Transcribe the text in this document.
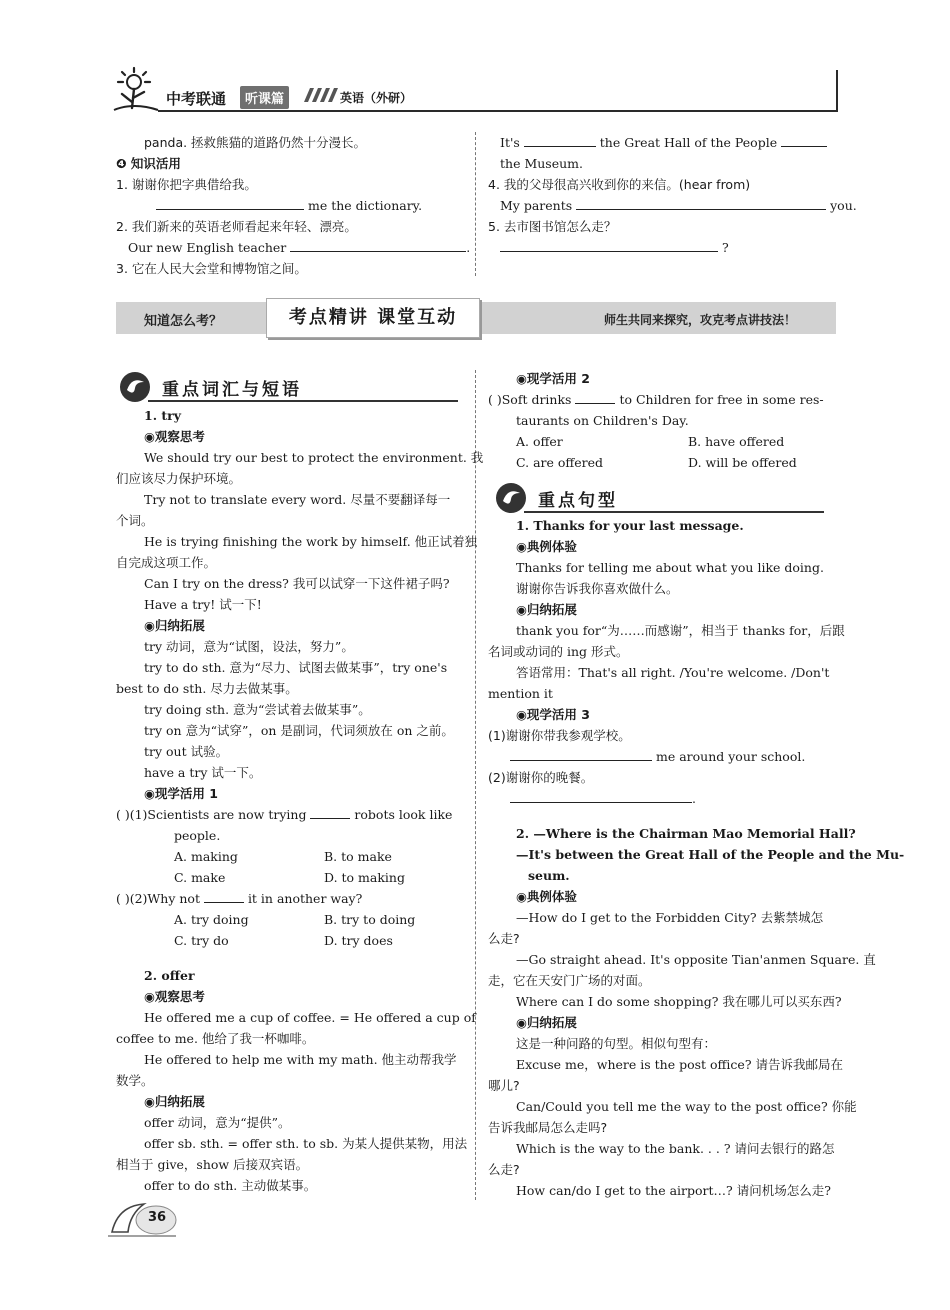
中考联通	听课篇	英语（外研）
panda. 拯救熊猫的道路仍然十分漫长。
❹ 知识活用
1. 谢谢你把字典借给我。
me the dictionary.
2. 我们新来的英语老师看起来年轻、漂亮。
Our new English teacher	.
3. 它在人民大会堂和博物馆之间。
It's	the Great Hall of the People
the Museum.
4. 我的父母很高兴收到你的来信。(hear from)
My parents	you.
5. 去市图书馆怎么走？
?
知道怎么考？	考点精讲 课堂互动	师生共同来探究，攻克考点讲技法！
重点词汇与短语
1. try
◉观察思考
We should try our best to protect the environment. 我
们应该尽力保护环境。
Try not to translate every word. 尽量不要翻译每一
个词。
He is trying finishing the work by himself. 他正试着独
自完成这项工作。
Can I try on the dress? 我可以试穿一下这件裙子吗?
Have a try! 试一下!
◉归纳拓展
try 动词，意为“试图，设法，努力”。
try to do sth. 意为“尽力、试图去做某事”，try one's
best to do sth. 尽力去做某事。
try doing sth. 意为“尝试着去做某事”。
try on 意为“试穿”，on 是副词，代词须放在 on 之前。
try out 试验。
have a try 试一下。
◉现学活用 1
( )(1)Scientists are now trying	robots look like
people.
A. making	B. to make
C. make	D. to making
( )(2)Why not	it in another way?
A. try doing	B. try to doing
C. try do	D. try does
2. offer
◉观察思考
He offered me a cup of coffee. = He offered a cup of
coffee to me. 他给了我一杯咖啡。
He offered to help me with my math. 他主动帮我学
数学。
◉归纳拓展
offer 动词，意为“提供”。
offer sb. sth. = offer sth. to sb. 为某人提供某物，用法
相当于 give，show 后接双宾语。
offer to do sth. 主动做某事。
◉现学活用 2
( )Soft drinks	to Children for free in some res-
taurants on Children's Day.
A. offer	B. have offered
C. are offered	D. will be offered
重点句型
1. Thanks for your last message.
◉典例体验
Thanks for telling me about what you like doing.
谢谢你告诉我你喜欢做什么。
◉归纳拓展
thank you for“为……而感谢”，相当于 thanks for，后跟
名词或动词的 ing 形式。
答语常用：That's all right. /You're welcome. /Don't
mention it
◉现学活用 3
(1)谢谢你带我参观学校。
me around your school.
(2)谢谢你的晚餐。
.
2. —Where is the Chairman Mao Memorial Hall?
—It's between the Great Hall of the People and the Mu-
seum.
◉典例体验
—How do I get to the Forbidden City? 去紫禁城怎
么走?
—Go straight ahead. It's opposite Tian'anmen Square. 直
走，它在天安门广场的对面。
Where can I do some shopping? 我在哪儿可以买东西?
◉归纳拓展
这是一种问路的句型。相似句型有：
Excuse me，where is the post office? 请告诉我邮局在
哪儿?
Can/Could you tell me the way to the post office? 你能
告诉我邮局怎么走吗?
Which is the way to the bank. . . ? 请问去银行的路怎
么走?
How can/do I get to the airport…? 请问机场怎么走?
36
